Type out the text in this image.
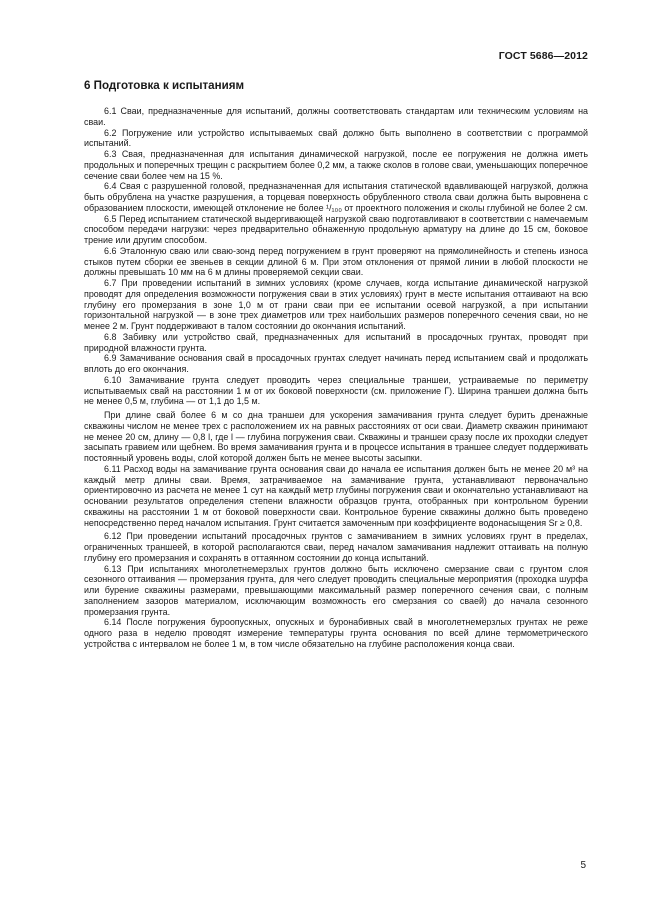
ГОСТ 5686—2012
6 Подготовка к испытаниям

6.1 Сваи, предназначенные для испытаний, должны соответствовать стандартам или техническим условиям на сваи.

6.2 Погружение или устройство испытываемых свай должно быть выполнено в соответствии с программой испытаний.

6.3 Свая, предназначенная для испытания динамической нагрузкой, после ее погружения не должна иметь продольных и поперечных трещин с раскрытием более 0,2 мм, а также сколов в голове сваи, уменьшающих поперечное сечение сваи более чем на 15 %.

6.4 Свая с разрушенной головой, предназначенная для испытания статической вдавливающей нагрузкой, должна быть обрублена на участке разрушения, а торцевая поверхность обрубленного ствола сваи должна быть выровнена с образованием плоскости, имеющей отклонение не более ¹/₁₀₀ от проектного положения и сколы глубиной не более 2 см.

6.5 Перед испытанием статической выдергивающей нагрузкой сваю подготавливают в соответствии с намечаемым способом передачи нагрузки: через предварительно обнаженную продольную арматуру на длине до 15 см, боковое трение или другим способом.

6.6 Эталонную сваю или сваю-зонд перед погружением в грунт проверяют на прямолинейность и степень износа стыков путем сборки ее звеньев в секции длиной 6 м. При этом отклонения от прямой линии в любой плоскости не должны превышать 10 мм на 6 м длины проверяемой секции сваи.

6.7 При проведении испытаний в зимних условиях (кроме случаев, когда испытание динамической нагрузкой проводят для определения возможности погружения сваи в этих условиях) грунт в месте испытания оттаивают на всю глубину его промерзания в зоне 1,0 м от грани сваи при ее испытании осевой нагрузкой, а при испытании горизонтальной нагрузкой — в зоне трех диаметров или трех наибольших размеров поперечного сечения сваи, но не менее 2 м. Грунт поддерживают в талом состоянии до окончания испытаний.

6.8 Забивку или устройство свай, предназначенных для испытаний в просадочных грунтах, проводят при природной влажности грунта.

6.9 Замачивание основания свай в просадочных грунтах следует начинать перед испытанием свай и продолжать вплоть до его окончания.

6.10 Замачивание грунта следует проводить через специальные траншеи, устраиваемые по периметру испытываемых свай на расстоянии 1 м от их боковой поверхности (см. приложение Г). Ширина траншеи должна быть не менее 0,5 м, глубина — от 1,1 до 1,5 м.

При длине свай более 6 м со дна траншеи для ускорения замачивания грунта следует бурить дренажные скважины числом не менее трех с расположением их на равных расстояниях от оси сваи. Диаметр скважин принимают не менее 20 см, длину — 0,8 l, где l — глубина погружения сваи. Скважины и траншеи сразу после их проходки следует засыпать гравием или щебнем. Во время замачивания грунта и в процессе испытания в траншее следует поддерживать постоянный уровень воды, слой которой должен быть не менее высоты засыпки.

6.11 Расход воды на замачивание грунта основания сваи до начала ее испытания должен быть не менее 20 м³ на каждый метр длины сваи. Время, затрачиваемое на замачивание грунта, устанавливают первоначально ориентировочно из расчета не менее 1 сут на каждый метр глубины погружения сваи и окончательно устанавливают на основании результатов определения степени влажности образцов грунта, отобранных при контрольном бурении скважины на расстоянии 1 м от боковой поверхности сваи. Контрольное бурение скважины должно быть проведено непосредственно перед началом испытания. Грунт считается замоченным при коэффициенте водонасыщения Sr ≥ 0,8.

6.12 При проведении испытаний просадочных грунтов с замачиванием в зимних условиях грунт в пределах, ограниченных траншеей, в которой располагаются сваи, перед началом замачивания надлежит оттаивать на полную глубину его промерзания и сохранять в оттаянном состоянии до конца испытаний.

6.13 При испытаниях многолетнемерзлых грунтов должно быть исключено смерзание сваи с грунтом слоя сезонного оттаивания — промерзания грунта, для чего следует проводить специальные мероприятия (проходка шурфа или бурение скважины размерами, превышающими максимальный размер поперечного сечения сваи, с полным заполнением зазоров материалом, исключающим возможность его смерзания со сваей) до начала сезонного промерзания грунта.

6.14 После погружения буроопускных, опускных и буронабивных свай в многолетнемерзлых грунтах не реже одного раза в неделю проводят измерение температуры грунта основания по всей длине термометрического устройства с интервалом не более 1 м, в том числе обязательно на глубине расположения конца сваи.

5
